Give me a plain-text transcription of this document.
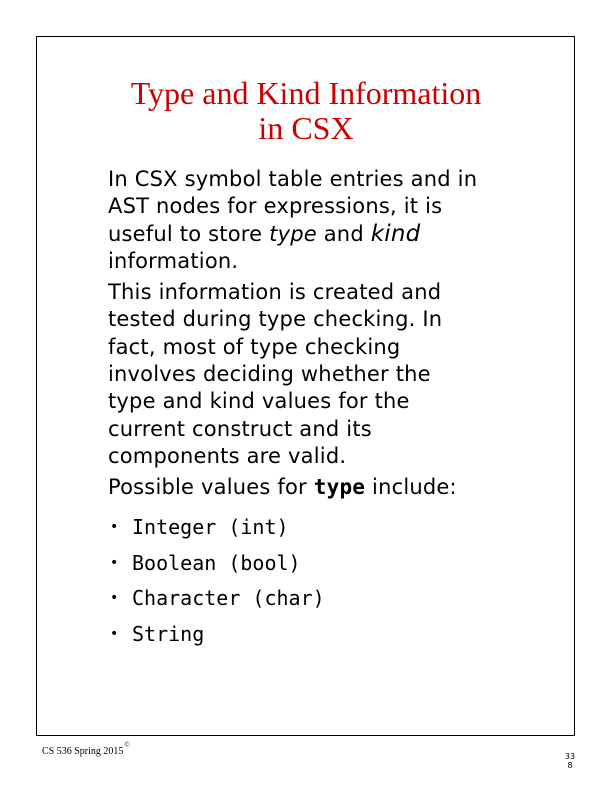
Type and Kind Information
in CSX
In CSX symbol table entries and in
AST nodes for expressions, it is
useful to store type and kind
information.
This information is created and
tested during type checking. In
fact, most of type checking
involves deciding whether the
type and kind values for the
current construct and its
components are valid.
Possible values for type include:
• Integer (int)
• Boolean (bool)
• Character (char)
• String
CS 536 Spring 2015©
33
8
